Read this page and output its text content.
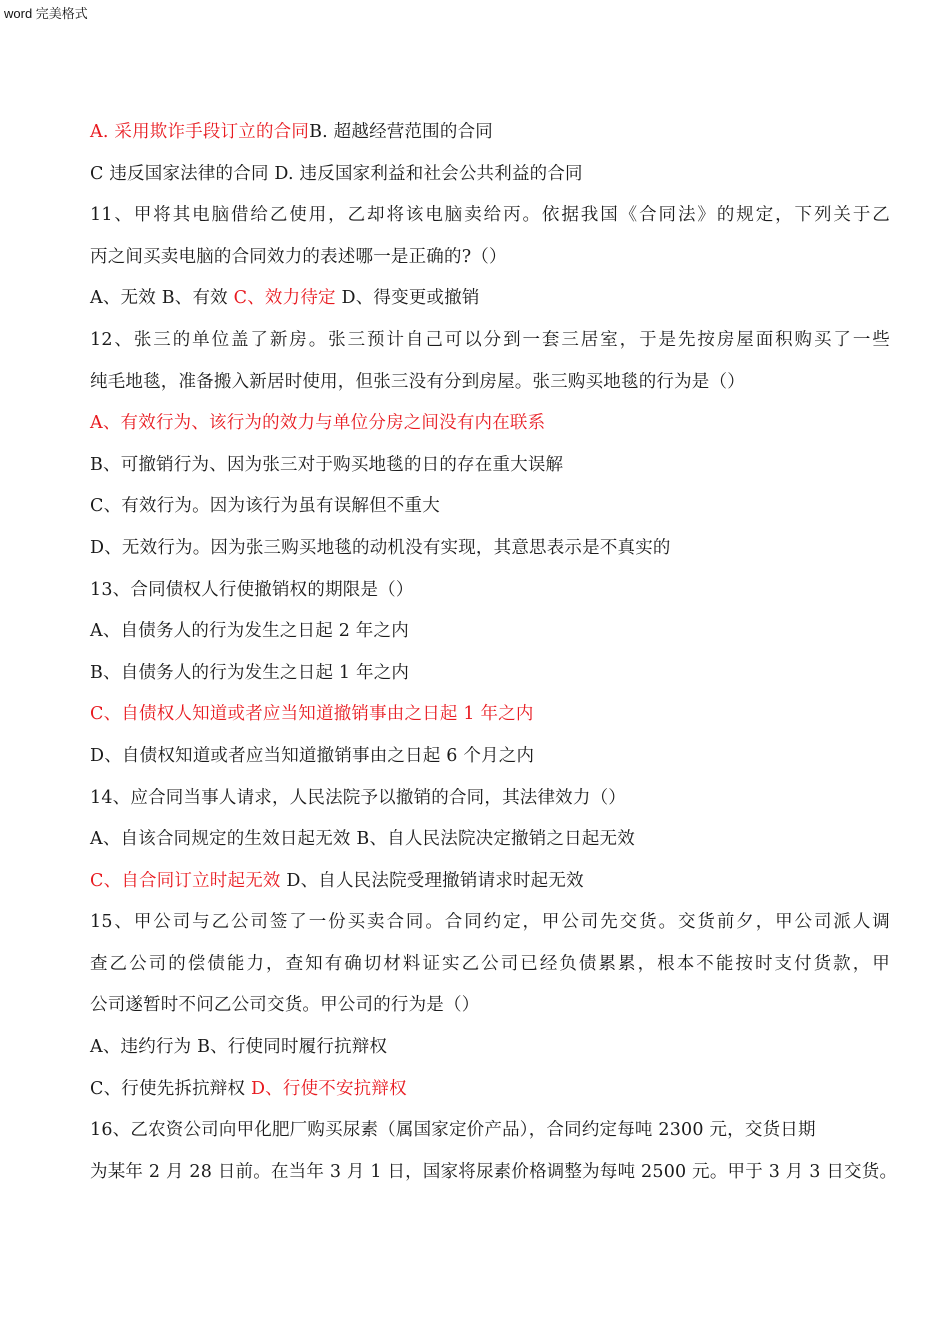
word 完美格式
A. 采用欺诈手段订立的合同B. 超越经营范围的合同
C 违反国家法律的合同 D. 违反国家利益和社会公共利益的合同
11、甲将其电脑借给乙使用，乙却将该电脑卖给丙。依据我国《合同法》的规定，下列关于乙
丙之间买卖电脑的合同效力的表述哪一是正确的?（）
A、无效 B、有效 C、效力待定 D、得变更或撤销
12、张三的单位盖了新房。张三预计自己可以分到一套三居室，于是先按房屋面积购买了一些
纯毛地毯，准备搬入新居时使用，但张三没有分到房屋。张三购买地毯的行为是（）
A、有效行为、该行为的效力与单位分房之间没有内在联系
B、可撤销行为、因为张三对于购买地毯的日的存在重大误解
C、有效行为。因为该行为虽有误解但不重大
D、无效行为。因为张三购买地毯的动机没有实现，其意思表示是不真实的
13、合同债权人行使撤销权的期限是（）
A、自债务人的行为发生之日起 2 年之内
B、自债务人的行为发生之日起 1 年之内
C、自债权人知道或者应当知道撤销事由之日起 1 年之内
D、自债权知道或者应当知道撤销事由之日起 6 个月之内
14、应合同当事人请求，人民法院予以撤销的合同，其法律效力（）
A、自该合同规定的生效日起无效 B、自人民法院决定撤销之日起无效
C、自合同订立时起无效 D、自人民法院受理撤销请求时起无效
15、甲公司与乙公司签了一份买卖合同。合同约定，甲公司先交货。交货前夕，甲公司派人调
查乙公司的偿债能力，查知有确切材料证实乙公司已经负债累累，根本不能按时支付货款，甲
公司遂暂时不问乙公司交货。甲公司的行为是（）
A、违约行为 B、行使同时履行抗辩权
C、行使先拆抗辩权 D、行使不安抗辩权
16、乙农资公司向甲化肥厂购买尿素（属国家定价产品），合同约定每吨 2300 元，交货日期
为某年 2 月 28 日前。在当年 3 月 1 日，国家将尿素价格调整为每吨 2500 元。甲于 3 月 3 日交货。
